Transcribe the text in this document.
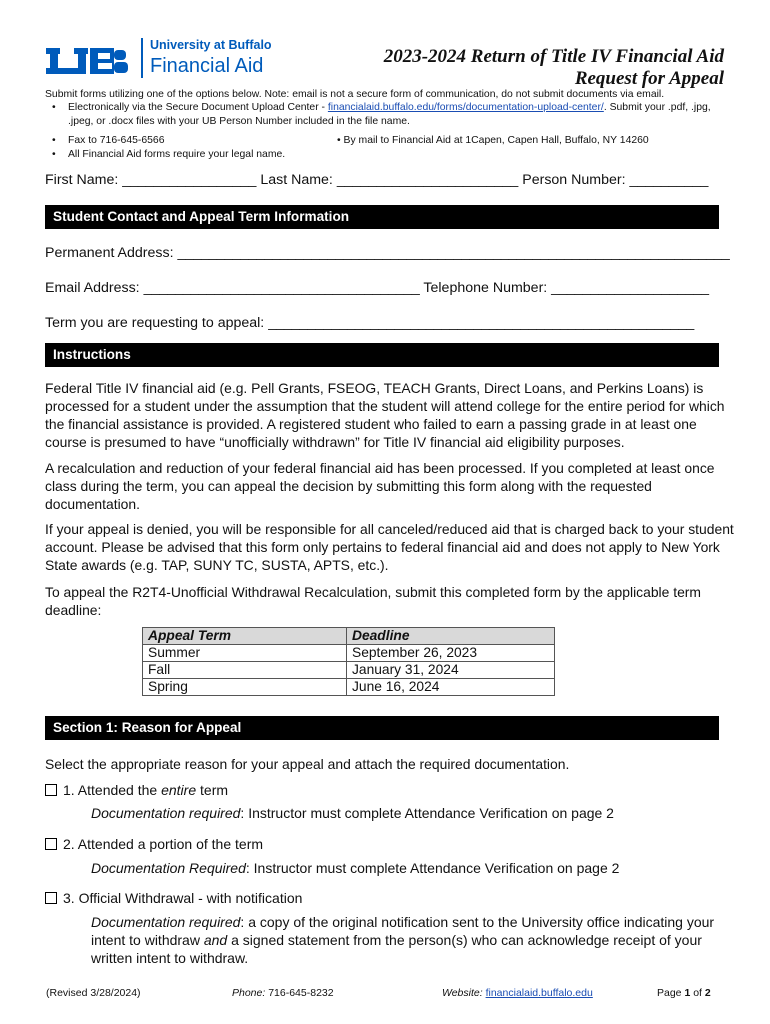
University at Buffalo
Financial Aid	2023-2024 Return of Title IV Financial Aid
Request for Appeal
Submit forms utilizing one of the options below. Note: email is not a secure form of communication, do not submit documents via email.
• Electronically via the Secure Document Upload Center - financialaid.buffalo.edu/forms/documentation-upload-center/. Submit your .pdf, .jpg, .jpeg, or .docx files with your UB Person Number included in the file name.
• Fax to 716-645-6566	• By mail to Financial Aid at 1Capen, Capen Hall, Buffalo, NY 14260
• All Financial Aid forms require your legal name.
First Name: _________________ Last Name: _______________________ Person Number: __________
Student Contact and Appeal Term Information
Permanent Address: ______________________________________________________________________
Email Address: ___________________________________ Telephone Number: ____________________
Term you are requesting to appeal: ______________________________________________________
Instructions
Federal Title IV financial aid (e.g. Pell Grants, FSEOG, TEACH Grants, Direct Loans, and Perkins Loans) is processed for a student under the assumption that the student will attend college for the entire period for which the financial assistance is provided. A registered student who failed to earn a passing grade in at least one course is presumed to have “unofficially withdrawn” for Title IV financial aid eligibility purposes.
A recalculation and reduction of your federal financial aid has been processed. If you completed at least once class during the term, you can appeal the decision by submitting this form along with the requested documentation.
If your appeal is denied, you will be responsible for all canceled/reduced aid that is charged back to your student account. Please be advised that this form only pertains to federal financial aid and does not apply to New York State awards (e.g. TAP, SUNY TC, SUSTA, APTS, etc.).
To appeal the R2T4-Unofficial Withdrawal Recalculation, submit this completed form by the applicable term deadline:
Appeal Term	Deadline
Summer	September 26, 2023
Fall	January 31, 2024
Spring	June 16, 2024
Section 1: Reason for Appeal
Select the appropriate reason for your appeal and attach the required documentation.
1. Attended the entire term
Documentation required: Instructor must complete Attendance Verification on page 2
2. Attended a portion of the term
Documentation Required: Instructor must complete Attendance Verification on page 2
3. Official Withdrawal - with notification
Documentation required: a copy of the original notification sent to the University office indicating your intent to withdraw and a signed statement from the person(s) who can acknowledge receipt of your written intent to withdraw.
(Revised 3/28/2024)	Phone: 716-645-8232	Website: financialaid.buffalo.edu	Page 1 of 2
